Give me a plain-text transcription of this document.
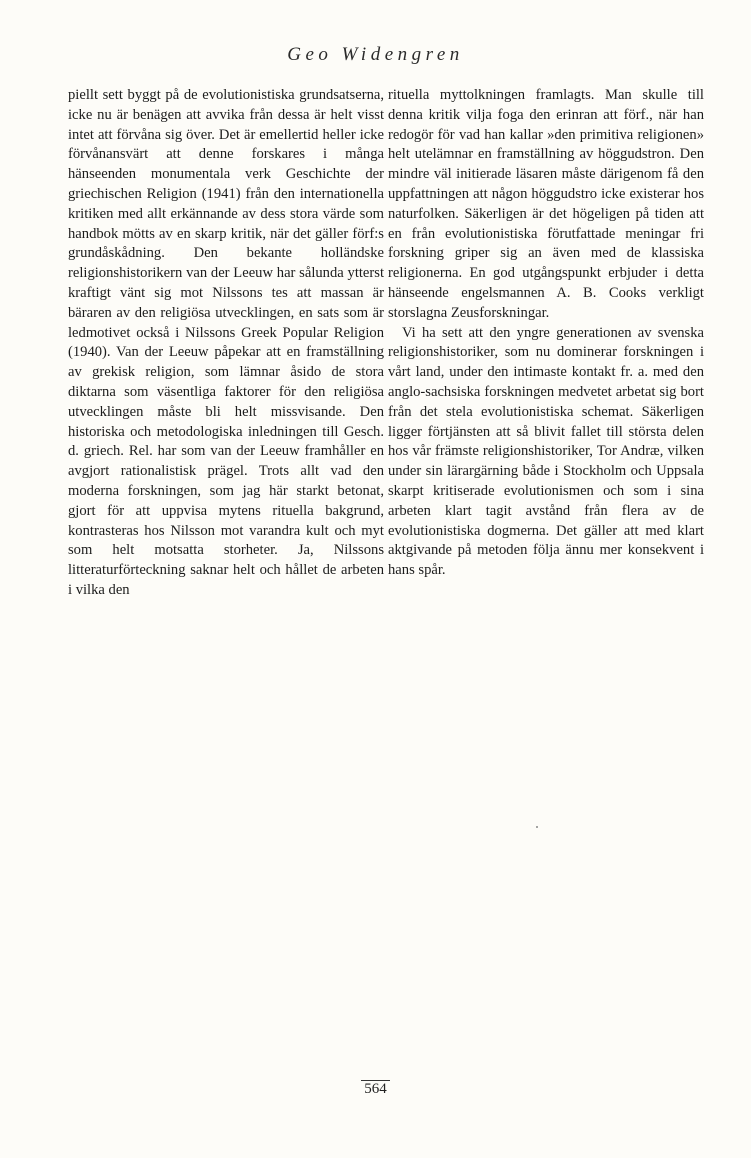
Geo Widengren

piellt sett byggt på de evolutionistiska grundsatserna, icke nu är benägen att avvika från dessa är helt visst intet att förvåna sig över. Det är emellertid heller icke förvånansvärt att denne forskares i många hänseenden monumentala verk Geschichte der griechischen Religion (1941) från den internationella kritiken med allt erkännande av dess stora värde som handbok mötts av en skarp kritik, när det gäller förf:s grundåskådning. Den bekante holländske religionshistorikern van der Leeuw har sålunda ytterst kraftigt vänt sig mot Nilssons tes att massan är bäraren av den religiösa utvecklingen, en sats som är ledmotivet också i Nilssons Greek Popular Religion (1940). Van der Leeuw påpekar att en framställning av grekisk religion, som lämnar åsido de stora diktarna som väsentliga faktorer för den religiösa utvecklingen måste bli helt missvisande. Den historiska och metodologiska inledningen till Gesch. d. griech. Rel. har som van der Leeuw framhåller en avgjort rationalistisk prägel. Trots allt vad den moderna forskningen, som jag här starkt betonat, gjort för att uppvisa mytens rituella bakgrund, kontrasteras hos Nilsson mot varandra kult och myt som helt motsatta storheter. Ja, Nilssons litteraturförteckning saknar helt och hållet de arbeten i vilka den

rituella myttolkningen framlagts. Man skulle till denna kritik vilja foga den erinran att förf., när han redogör för vad han kallar »den primitiva religionen» helt utelämnar en framställning av höggudstron. Den mindre väl initierade läsaren måste därigenom få den uppfattningen att någon höggudstro icke existerar hos naturfolken. Säkerligen är det högeligen på tiden att en från evolutionistiska förutfattade meningar fri forskning griper sig an även med de klassiska religionerna. En god utgångspunkt erbjuder i detta hänseende engelsmannen A. B. Cooks verkligt storslagna Zeusforskningar.

Vi ha sett att den yngre generationen av svenska religionshistoriker, som nu dominerar forskningen i vårt land, under den intimaste kontakt fr. a. med den anglo-sachsiska forskningen medvetet arbetat sig bort från det stela evolutionistiska schemat. Säkerligen ligger förtjänsten att så blivit fallet till största delen hos vår främste religionshistoriker, Tor Andræ, vilken under sin lärargärning både i Stockholm och Uppsala skarpt kritiserade evolutionismen och som i sina arbeten klart tagit avstånd från flera av de evolutionistiska dogmerna. Det gäller att med klart aktgivande på metoden följa ännu mer konsekvent i hans spår.

564
